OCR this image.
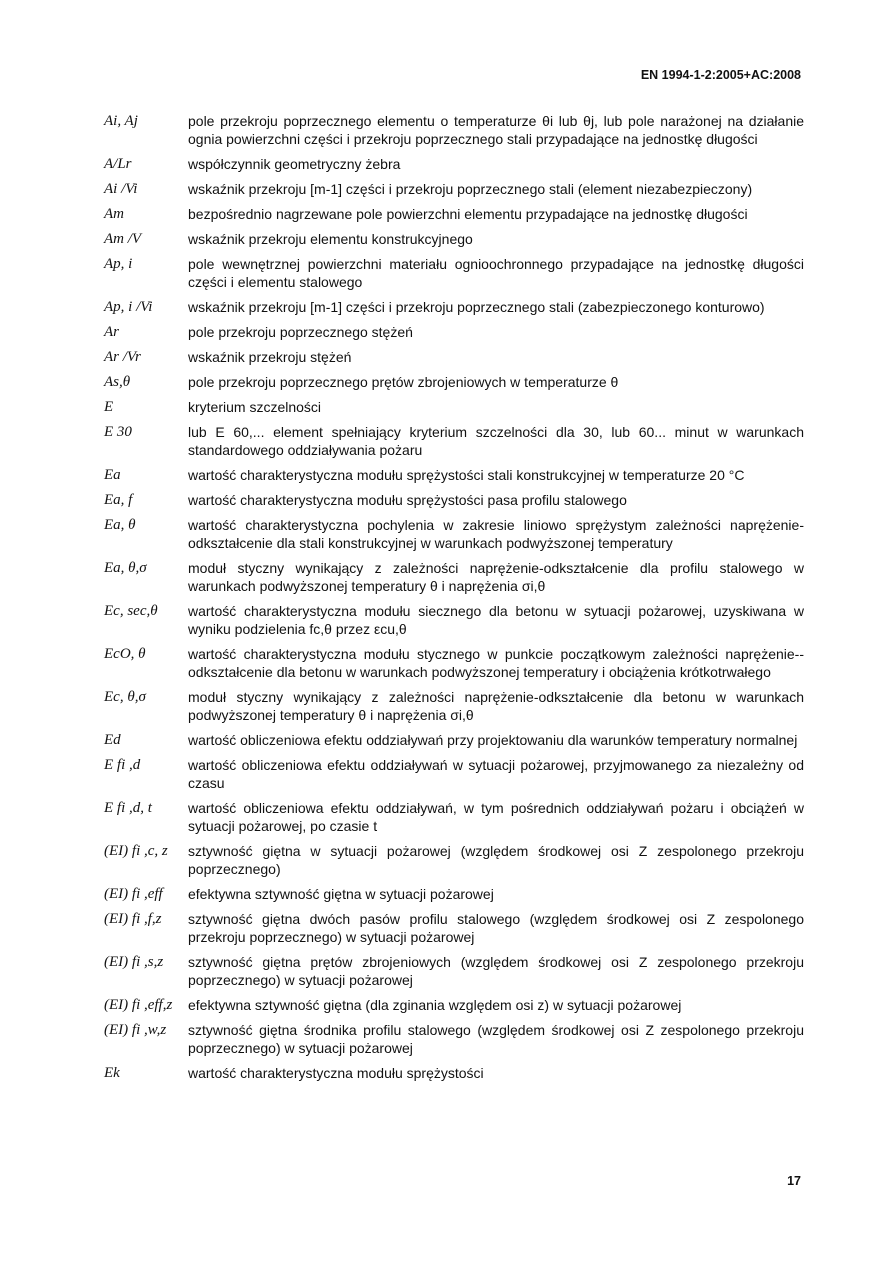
EN 1994-1-2:2005+AC:2008
Ai, Aj	pole przekroju poprzecznego elementu o temperaturze θi lub θj, lub pole narażonej na działanie ognia powierzchni części i przekroju poprzecznego stali przypadające na jednostkę długości
A/Lr	współczynnik geometryczny żebra
Ai /Vi	wskaźnik przekroju [m-1] części i przekroju poprzecznego stali (element niezabezpieczony)
Am	bezpośrednio nagrzewane pole powierzchni elementu przypadające na jednostkę długości
Am /V	wskaźnik przekroju elementu konstrukcyjnego
Ap, i	pole wewnętrznej powierzchni materiału ognioochronnego przypadające na jednostkę długości części i elementu stalowego
Ap, i /Vi	wskaźnik przekroju [m-1] części i przekroju poprzecznego stali (zabezpieczonego konturowo)
Ar	pole przekroju poprzecznego stężeń
Ar /Vr	wskaźnik przekroju stężeń
As,θ	pole przekroju poprzecznego prętów zbrojeniowych w temperaturze θ
E	kryterium szczelności
E 30	lub E 60,... element spełniający kryterium szczelności dla 30, lub 60... minut w warunkach standardowego oddziaływania pożaru
Ea	wartość charakterystyczna modułu sprężystości stali konstrukcyjnej w temperaturze 20 °C
Ea, f	wartość charakterystyczna modułu sprężystości pasa profilu stalowego
Ea, θ	wartość charakterystyczna pochylenia w zakresie liniowo sprężystym zależności naprężenie-odkształcenie dla stali konstrukcyjnej w warunkach podwyższonej temperatury
Ea, θ,σ	moduł styczny wynikający z zależności naprężenie-odkształcenie dla profilu stalowego w warunkach podwyższonej temperatury θ i naprężenia σi,θ
Ec, sec,θ	wartość charakterystyczna modułu siecznego dla betonu w sytuacji pożarowej, uzyskiwana w wyniku podzielenia fc,θ przez εcu,θ
EcO, θ	wartość charakterystyczna modułu stycznego w punkcie początkowym zależności naprężenie--odkształcenie dla betonu w warunkach podwyższonej temperatury i obciążenia krótkotrwałego
Ec, θ,σ	moduł styczny wynikający z zależności naprężenie-odkształcenie dla betonu w warunkach podwyższonej temperatury θ i naprężenia σi,θ
Ed	wartość obliczeniowa efektu oddziaływań przy projektowaniu dla warunków temperatury normalnej
E fi ,d	wartość obliczeniowa efektu oddziaływań w sytuacji pożarowej, przyjmowanego za niezależny od czasu
E fi ,d, t	wartość obliczeniowa efektu oddziaływań, w tym pośrednich oddziaływań pożaru i obciążeń w sytuacji pożarowej, po czasie t
(EI) fi ,c, z	sztywność giętna w sytuacji pożarowej (względem środkowej osi Z zespolonego przekroju poprzecznego)
(EI) fi ,eff	efektywna sztywność giętna w sytuacji pożarowej
(EI) fi ,f,z	sztywność giętna dwóch pasów profilu stalowego (względem środkowej osi Z zespolonego przekroju poprzecznego) w sytuacji pożarowej
(EI) fi ,s,z	sztywność giętna prętów zbrojeniowych (względem środkowej osi Z zespolonego przekroju poprzecznego) w sytuacji pożarowej
(EI) fi ,eff,z	efektywna sztywność giętna (dla zginania względem osi z) w sytuacji pożarowej
(EI) fi ,w,z	sztywność giętna środnika profilu stalowego (względem środkowej osi Z zespolonego przekroju poprzecznego) w sytuacji pożarowej
Ek	wartość charakterystyczna modułu sprężystości
17
